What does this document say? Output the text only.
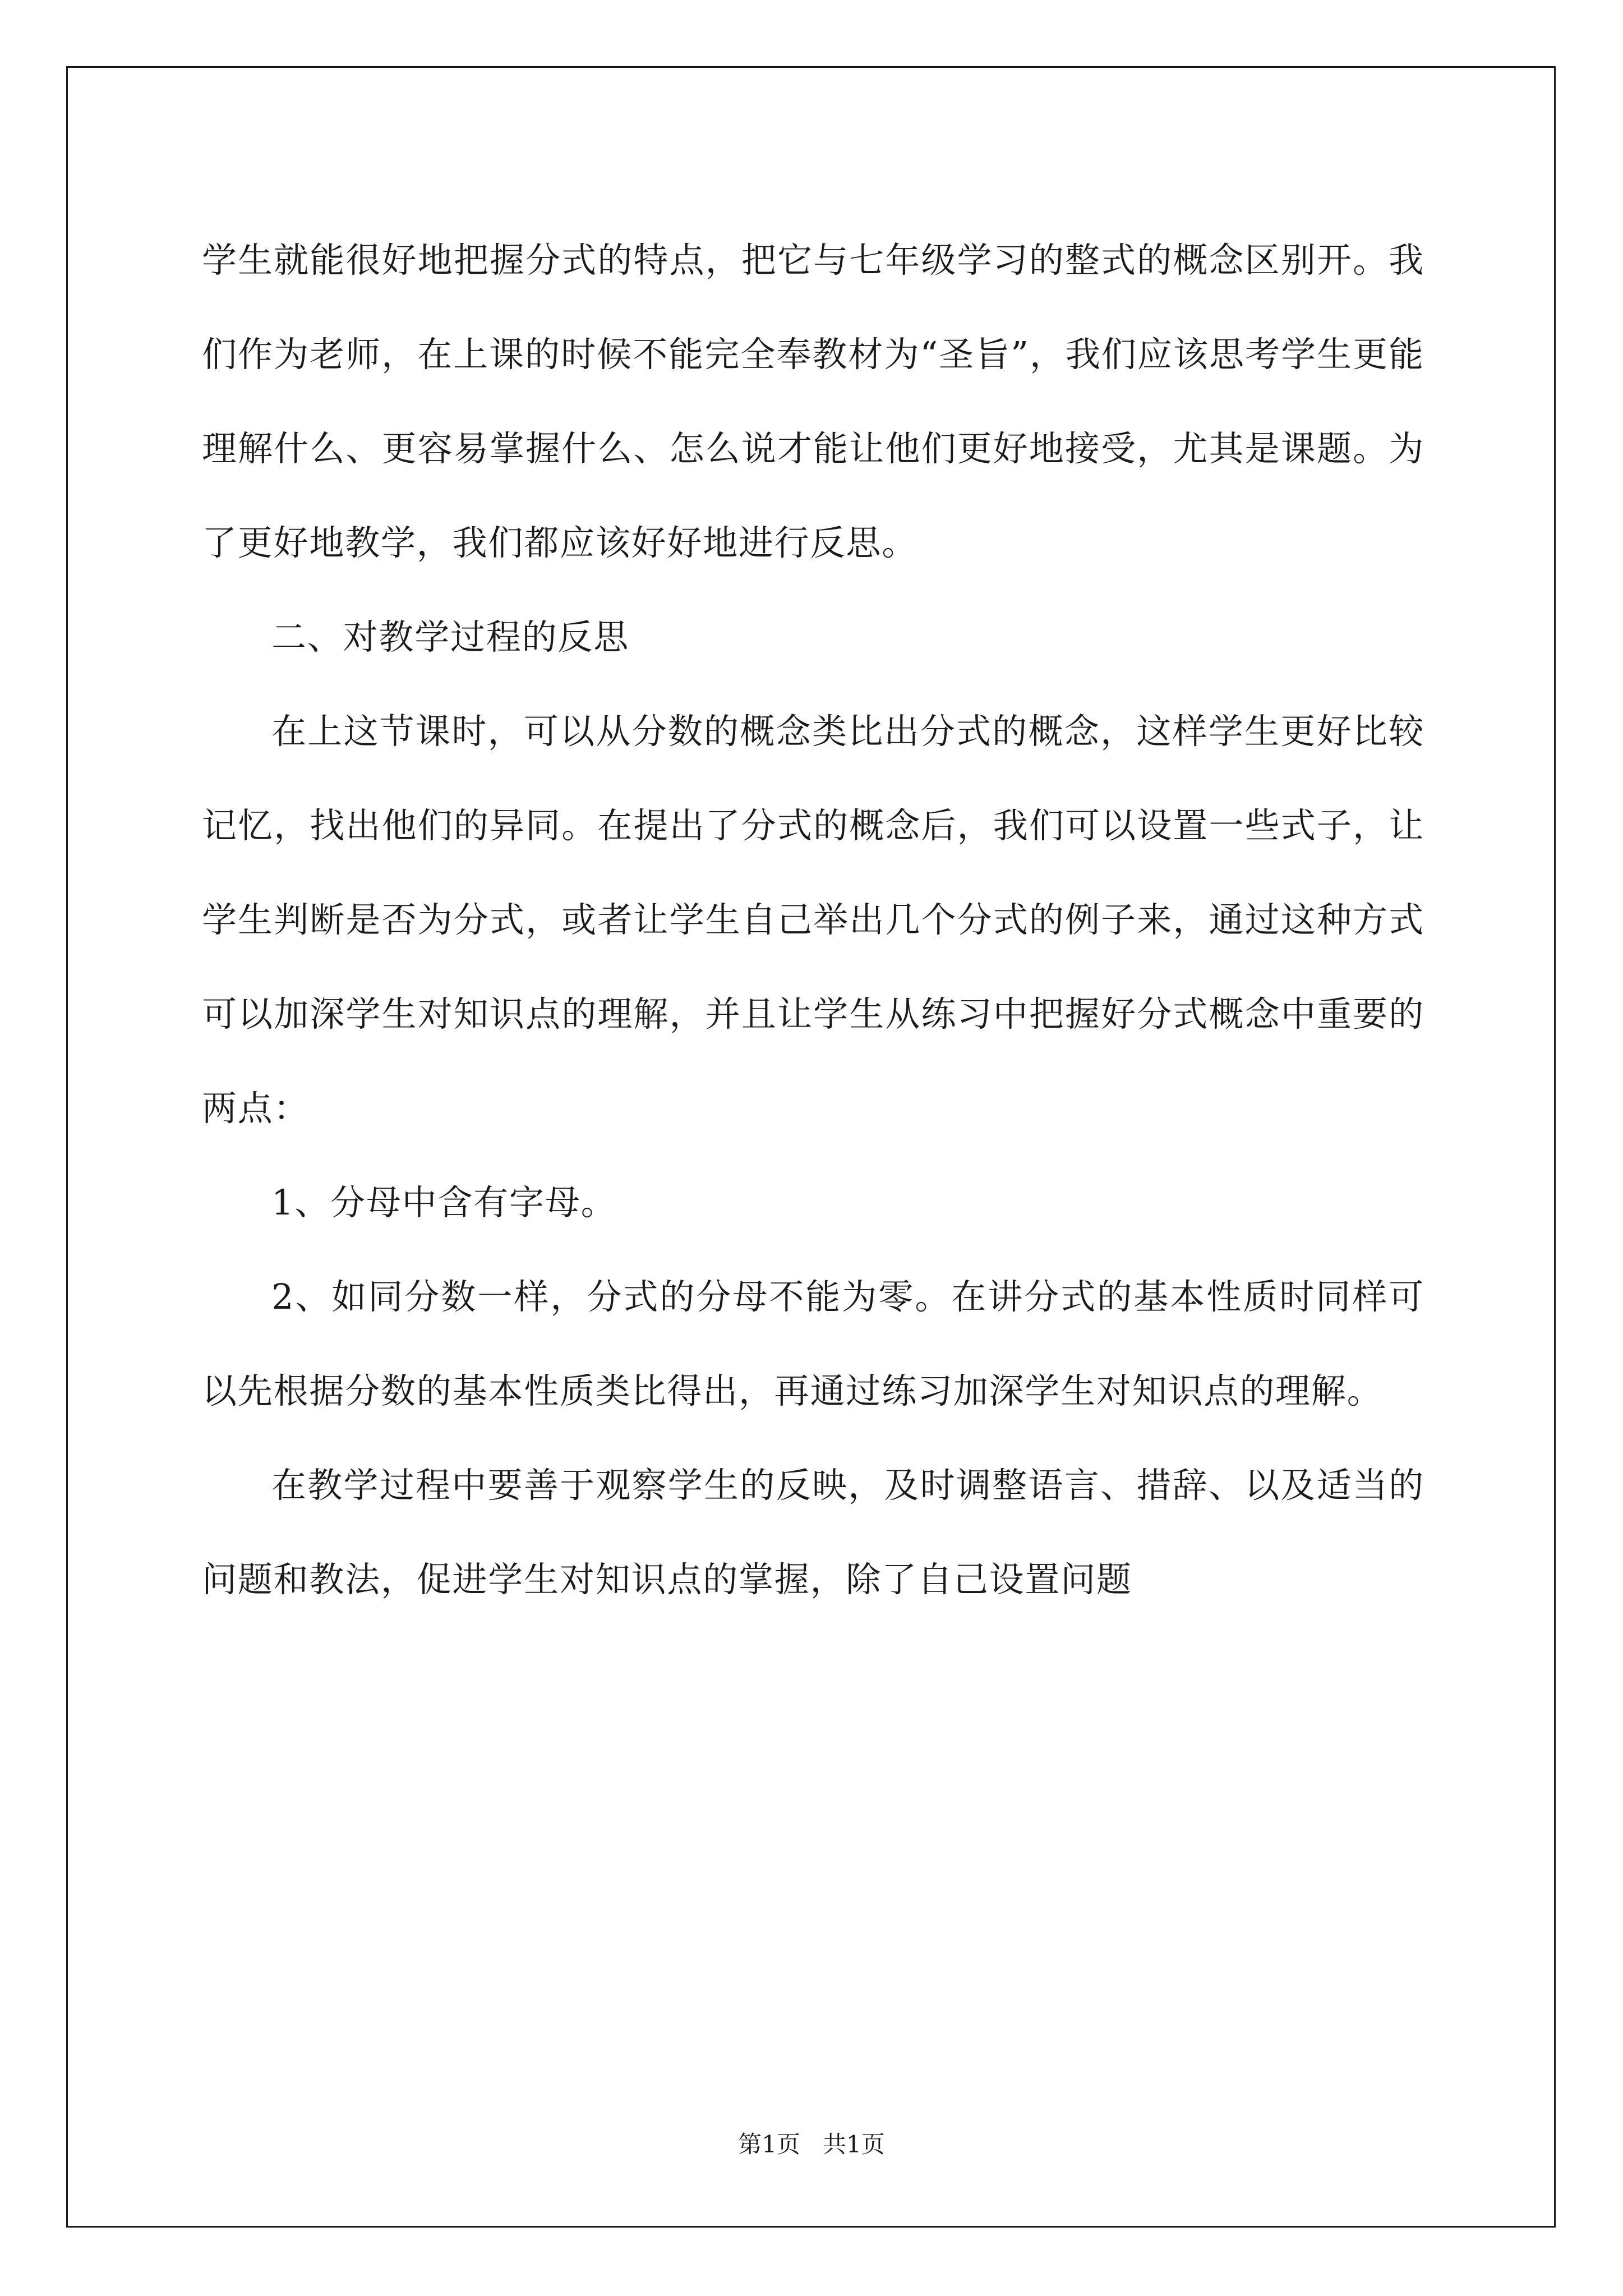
学生就能很好地把握分式的特点，把它与七年级学习的整式的概念区别开。我们作为老师，在上课的时候不能完全奉教材为“圣旨”，我们应该思考学生更能理解什么、更容易掌握什么、怎么说才能让他们更好地接受，尤其是课题。为了更好地教学，我们都应该好好地进行反思。

二、对教学过程的反思

在上这节课时，可以从分数的概念类比出分式的概念，这样学生更好比较记忆，找出他们的异同。在提出了分式的概念后，我们可以设置一些式子，让学生判断是否为分式，或者让学生自己举出几个分式的例子来，通过这种方式可以加深学生对知识点的理解，并且让学生从练习中把握好分式概念中重要的两点：

1、分母中含有字母。

2、如同分数一样，分式的分母不能为零。在讲分式的基本性质时同样可以先根据分数的基本性质类比得出，再通过练习加深学生对知识点的理解。

在教学过程中要善于观察学生的反映，及时调整语言、措辞、以及适当的问题和教法，促进学生对知识点的掌握，除了自己设置问题

第1页   共1页
